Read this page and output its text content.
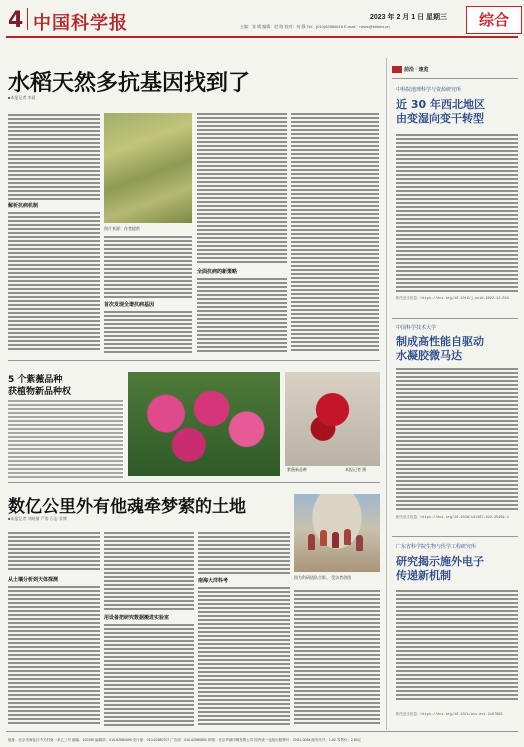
4 中国科学报	2023 年 2 月 1 日 星期三
主编：张 晴 编辑：赵 路 校对：何 静 Tel：(010)62580618 E-mail：news@stimes.cn	综合
水稻天然多抗基因找到了
■本报记者 李晨
解析抗病机制
图片来源：作者提供
首次发现全谱抗病基因
全面抗病的新策略
5 个紫薇品种
获植物新品种权
紫薇新品种	本报记者 摄
数亿公里外有他魂牵梦萦的土地
■本报记者 刘晓倩 严涛 石志 张博
从土壤分析到天体探测
用设备把研究数据搬进实验室
南海大洋科考
图为科研团队合影。 受访者供图
前沿 · 速览
中科院地理科学与资源研究所
近 30 年西北地区
由变湿向变干转型
相关论文信息：https://doi.org/10.1016/j.scib.2022.12.024
中国科学技术大学
制成高性能自驱动
水凝胶微马达
相关论文信息：https://doi.org/10.1038/s41467-022-35459-4
广东省科学院生物与医学工程研究所
研究揭示施外电子
传递新机制
相关论文信息：https://doi.org/10.1021/acs.est.2c07993
地址：北京市海淀区中关村南一条乙三号 邮编：100190 编辑部：010-62580699 发行部：010-62580707 广告部：010-62580800 印刷：北京华商印刷有限公司 国内统一连续出版物号：CN11-0084 邮发代号：1-82 零售价：2.50元
